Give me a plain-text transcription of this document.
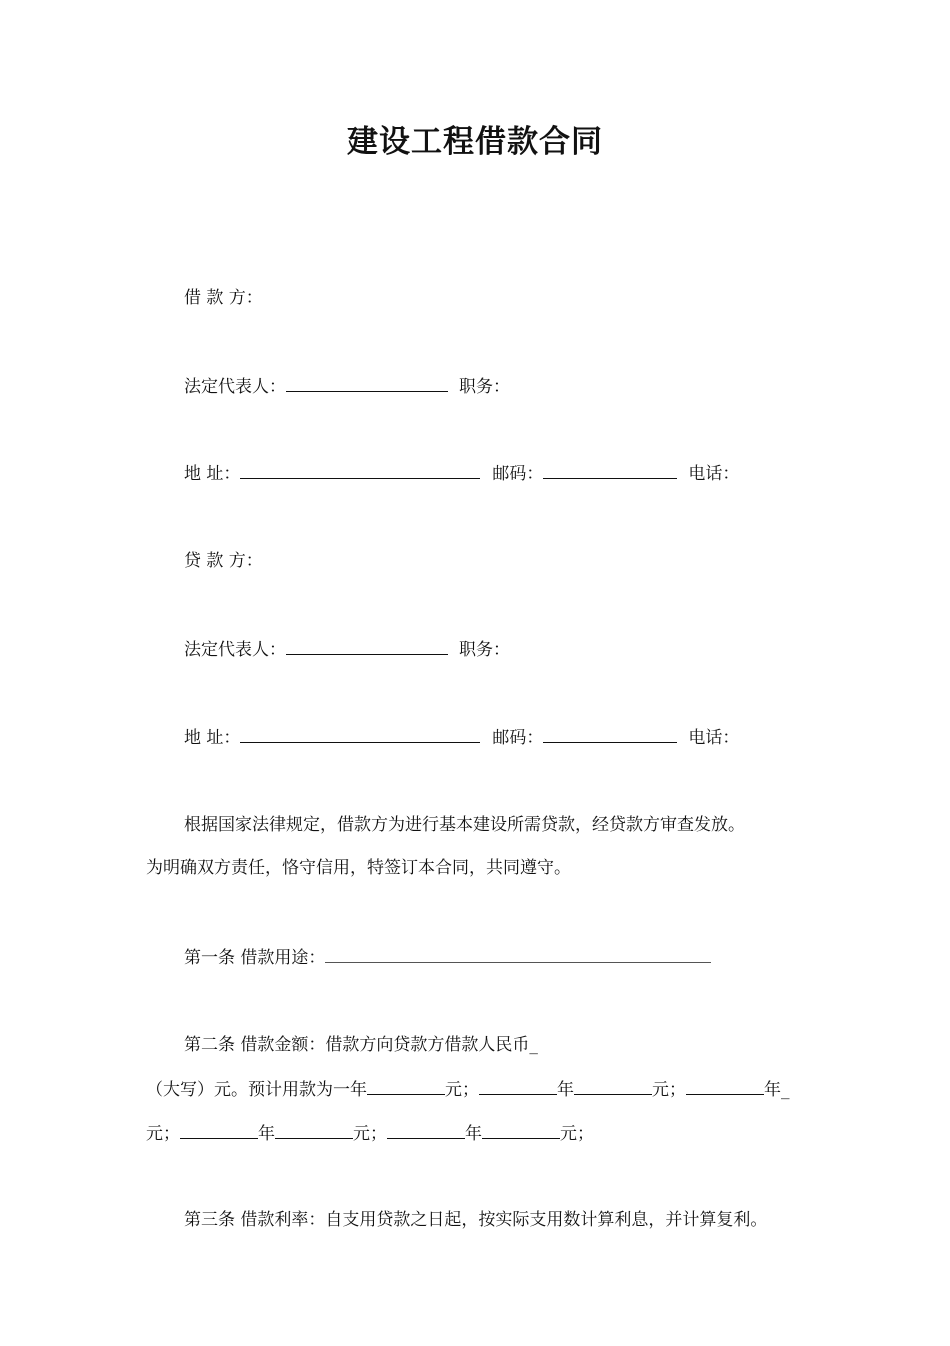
建设工程借款合同
借 款 方：
法定代表人：	职务：
地 址：	邮码：	电话：
贷 款 方：
法定代表人：	职务：
地 址：	邮码：	电话：
根据国家法律规定，借款方为进行基本建设所需贷款，经贷款方审查发放。
为明确双方责任，恪守信用，特签订本合同，共同遵守。
第一条 借款用途：
第二条 借款金额：借款方向贷款方借款人民币_
（大写）元。预计用款为一年	元；	年	元；	年_
元；	年	元；	年	元；
第三条 借款利率：自支用贷款之日起，按实际支用数计算利息，并计算复利。
